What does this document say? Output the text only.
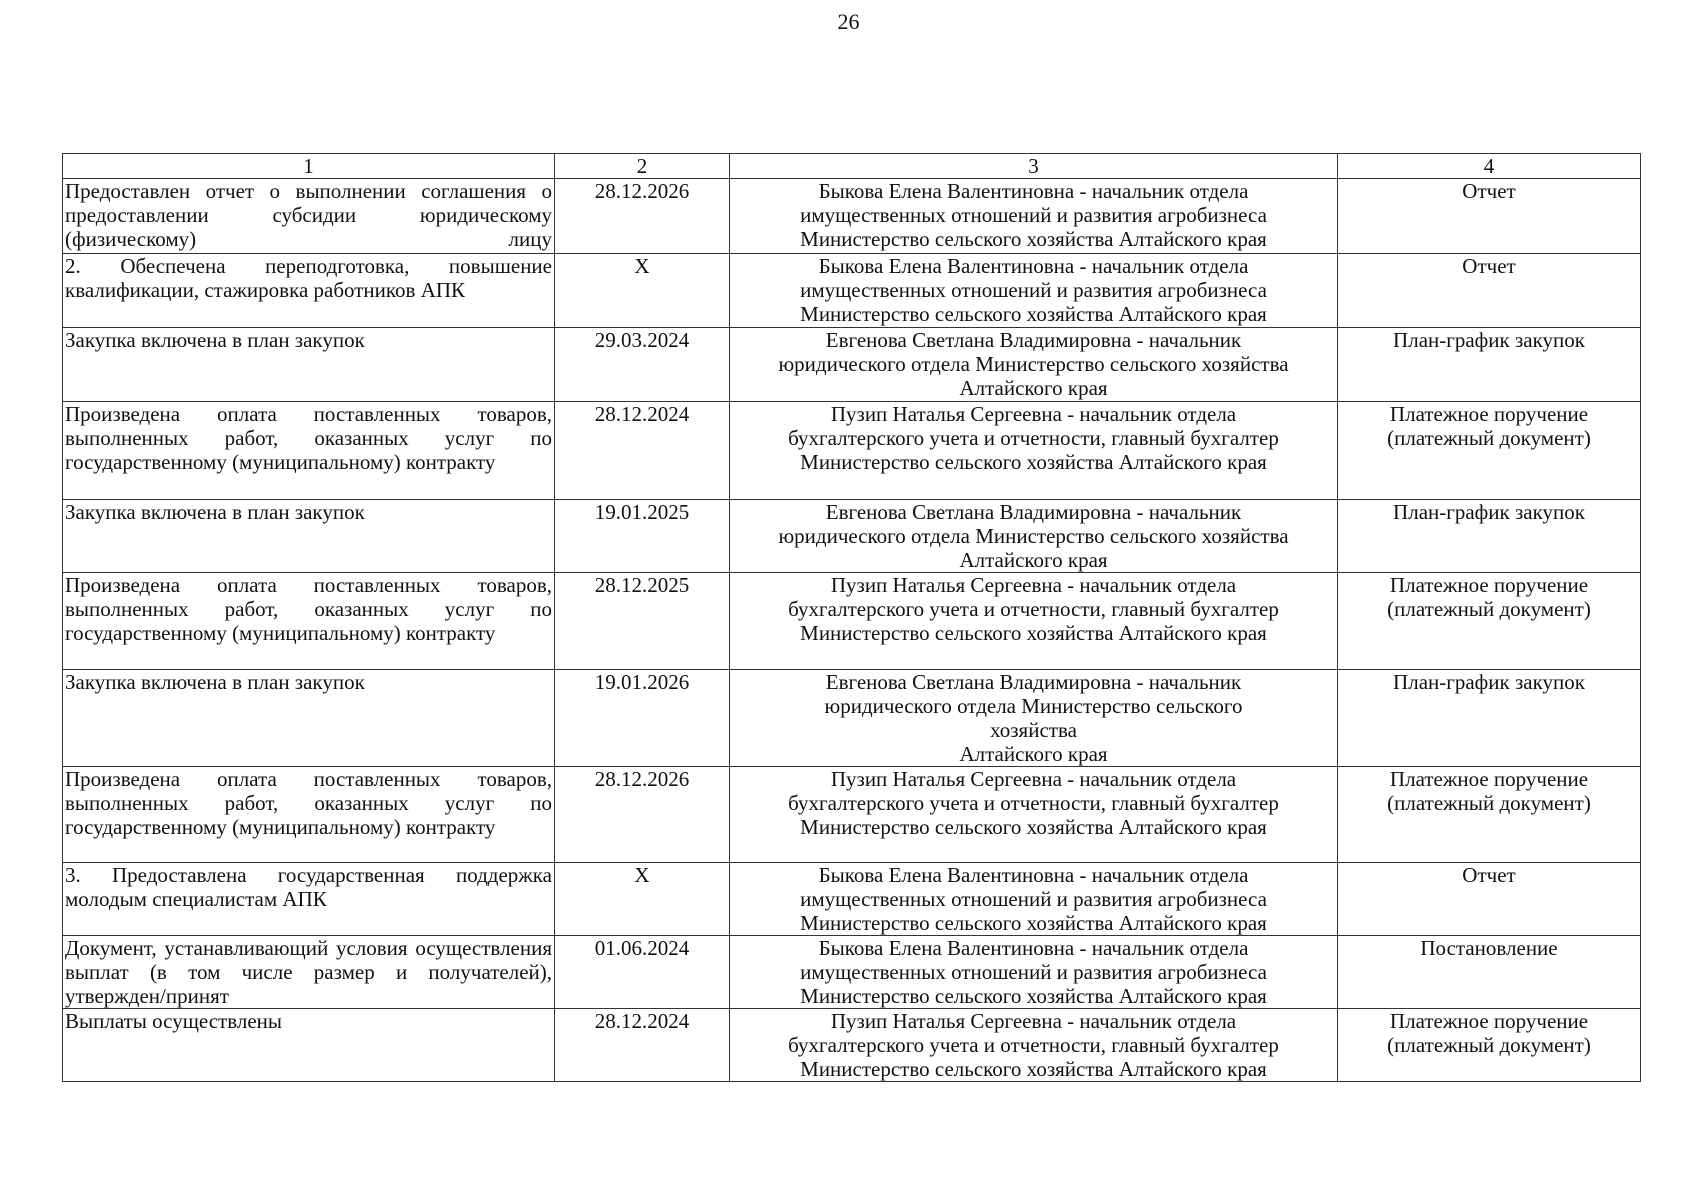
26
1	2	3	4
Предоставлен отчет о выполнении соглашения о предоставлении субсидии юридическому (физическому) лицу	28.12.2026	Быкова Елена Валентиновна - начальник отдела
имущественных отношений и развития агробизнеса
Министерство сельского хозяйства Алтайского края	Отчет
2. Обеспечена переподготовка, повышение квалификации, стажировка работников АПК	X	Быкова Елена Валентиновна - начальник отдела
имущественных отношений и развития агробизнеса
Министерство сельского хозяйства Алтайского края	Отчет
Закупка включена в план закупок	29.03.2024	Евгенова Светлана Владимировна - начальник
юридического отдела Министерство сельского хозяйства
Алтайского края	План-график закупок
Произведена оплата поставленных товаров, выполненных работ, оказанных услуг по государственному (муниципальному) контракту	28.12.2024	Пузип Наталья Сергеевна - начальник отдела
бухгалтерского учета и отчетности, главный бухгалтер
Министерство сельского хозяйства Алтайского края	Платежное поручение (платежный документ)
Закупка включена в план закупок	19.01.2025	Евгенова Светлана Владимировна - начальник
юридического отдела Министерство сельского хозяйства
Алтайского края	План-график закупок
Произведена оплата поставленных товаров, выполненных работ, оказанных услуг по государственному (муниципальному) контракту	28.12.2025	Пузип Наталья Сергеевна - начальник отдела
бухгалтерского учета и отчетности, главный бухгалтер
Министерство сельского хозяйства Алтайского края	Платежное поручение (платежный документ)
Закупка включена в план закупок	19.01.2026	Евгенова Светлана Владимировна - начальник
юридического отдела Министерство сельского
хозяйства
Алтайского края	План-график закупок
Произведена оплата поставленных товаров, выполненных работ, оказанных услуг по государственному (муниципальному) контракту	28.12.2026	Пузип Наталья Сергеевна - начальник отдела
бухгалтерского учета и отчетности, главный бухгалтер
Министерство сельского хозяйства Алтайского края	Платежное поручение (платежный документ)
3. Предоставлена государственная поддержка молодым специалистам АПК	X	Быкова Елена Валентиновна - начальник отдела
имущественных отношений и развития агробизнеса
Министерство сельского хозяйства Алтайского края	Отчет
Документ, устанавливающий условия осуществления выплат (в том числе размер и получателей), утвержден/принят	01.06.2024	Быкова Елена Валентиновна - начальник отдела
имущественных отношений и развития агробизнеса
Министерство сельского хозяйства Алтайского края	Постановление
Выплаты осуществлены	28.12.2024	Пузип Наталья Сергеевна - начальник отдела
бухгалтерского учета и отчетности, главный бухгалтер
Министерство сельского хозяйства Алтайского края	Платежное поручение (платежный документ)
